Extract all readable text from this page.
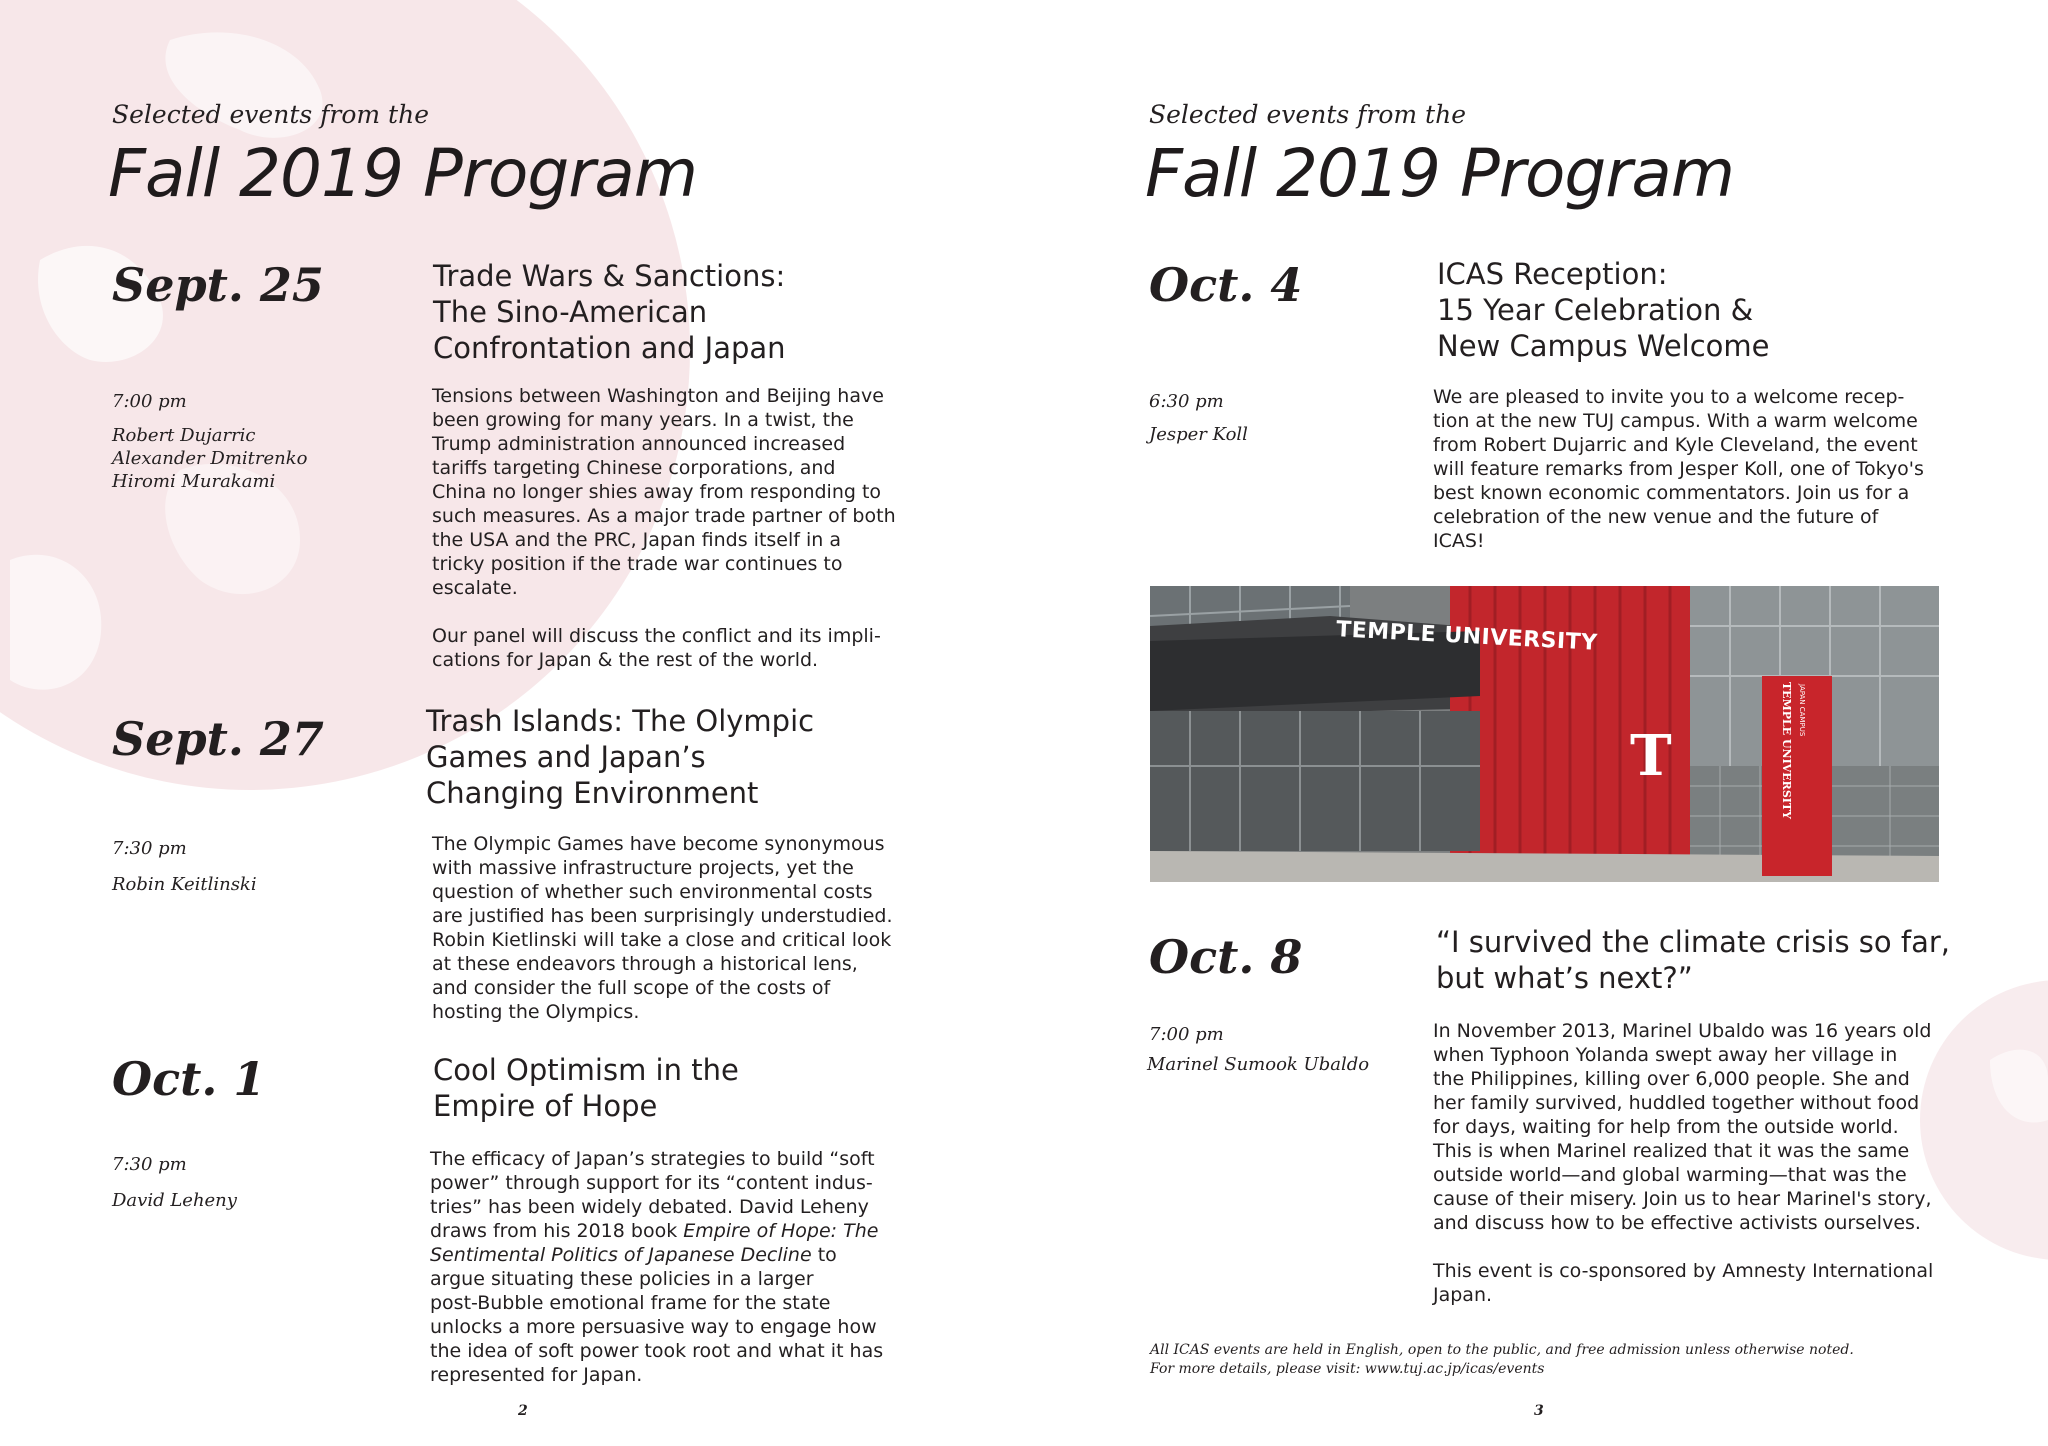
Selected events from the
Fall 2019 Program
Sept. 25	Trade Wars & Sanctions:
The Sino-American
Confrontation and Japan
7:00 pm
Robert Dujarric
Alexander Dmitrenko
Hiromi Murakami
Tensions between Washington and Beijing have
been growing for many years. In a twist, the
Trump administration announced increased
tariffs targeting Chinese corporations, and
China no longer shies away from responding to
such measures. As a major trade partner of both
the USA and the PRC, Japan finds itself in a
tricky position if the trade war continues to
escalate.
Our panel will discuss the conflict and its impli-
cations for Japan & the rest of the world.
Sept. 27	Trash Islands: The Olympic
Games and Japan’s
Changing Environment
7:30 pm
Robin Keitlinski
The Olympic Games have become synonymous
with massive infrastructure projects, yet the
question of whether such environmental costs
are justified has been surprisingly understudied.
Robin Kietlinski will take a close and critical look
at these endeavors through a historical lens,
and consider the full scope of the costs of
hosting the Olympics.
Oct. 1	Cool Optimism in the
Empire of Hope
7:30 pm
David Leheny
The efficacy of Japan’s strategies to build “soft
power” through support for its “content indus-
tries” has been widely debated. David Leheny
draws from his 2018 book Empire of Hope: The
Sentimental Politics of Japanese Decline to
argue situating these policies in a larger
post-Bubble emotional frame for the state
unlocks a more persuasive way to engage how
the idea of soft power took root and what it has
represented for Japan.
2
Selected events from the
Fall 2019 Program
Oct. 4	ICAS Reception:
15 Year Celebration &
New Campus Welcome
6:30 pm
Jesper Koll
We are pleased to invite you to a welcome recep-
tion at the new TUJ campus. With a warm welcome
from Robert Dujarric and Kyle Cleveland, the event
will feature remarks from Jesper Koll, one of Tokyo's
best known economic commentators. Join us for a
celebration of the new venue and the future of
ICAS!
Oct. 8	“I survived the climate crisis so far,
but what’s next?”
7:00 pm
Marinel Sumook Ubaldo
In November 2013, Marinel Ubaldo was 16 years old
when Typhoon Yolanda swept away her village in
the Philippines, killing over 6,000 people. She and
her family survived, huddled together without food
for days, waiting for help from the outside world.
This is when Marinel realized that it was the same
outside world—and global warming—that was the
cause of their misery. Join us to hear Marinel's story,
and discuss how to be effective activists ourselves.
This event is co-sponsored by Amnesty International
Japan.
3
TEMPLE UNIVERSITY
T	TEMPLE UNIVERSITY JAPAN CAMPUS
All ICAS events are held in English, open to the public, and free admission unless otherwise noted.
For more details, please visit: www.tuj.ac.jp/icas/events
